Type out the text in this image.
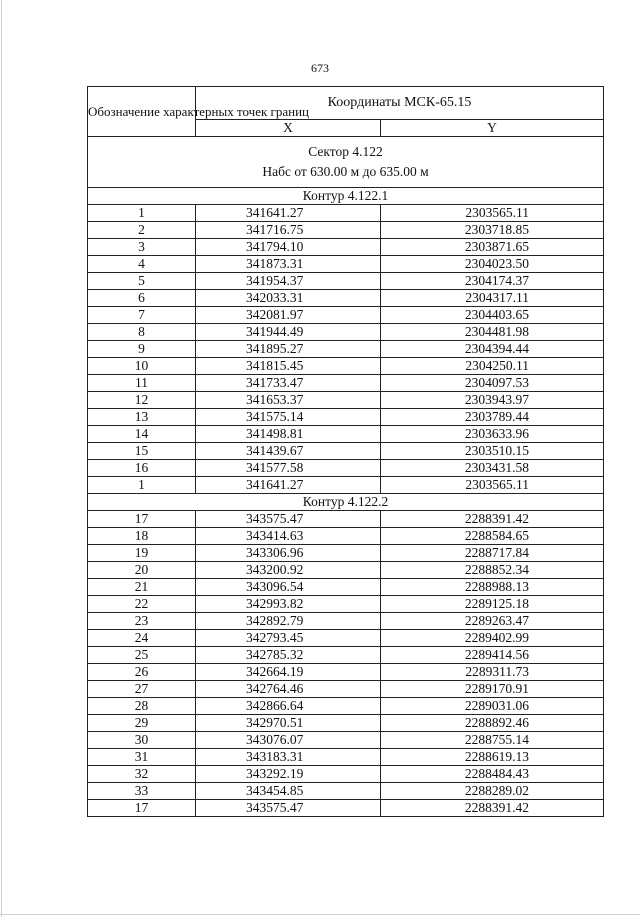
673
Обозначение характерных точек границ	Координаты МСК-65.15	
	X	Y

Сектор 4.122
Набс от 630.00 м до 635.00 м		

Контур 4.122.1		
1	341641.27	2303565.11
2	341716.75	2303718.85
3	341794.10	2303871.65
4	341873.31	2304023.50
5	341954.37	2304174.37
6	342033.31	2304317.11
7	342081.97	2304403.65
8	341944.49	2304481.98
9	341895.27	2304394.44
10	341815.45	2304250.11
11	341733.47	2304097.53
12	341653.37	2303943.97
13	341575.14	2303789.44
14	341498.81	2303633.96
15	341439.67	2303510.15
16	341577.58	2303431.58
1	341641.27	2303565.11
Контур 4.122.2		
17	343575.47	2288391.42
18	343414.63	2288584.65
19	343306.96	2288717.84
20	343200.92	2288852.34
21	343096.54	2288988.13
22	342993.82	2289125.18
23	342892.79	2289263.47
24	342793.45	2289402.99
25	342785.32	2289414.56
26	342664.19	2289311.73
27	342764.46	2289170.91
28	342866.64	2289031.06
29	342970.51	2288892.46
30	343076.07	2288755.14
31	343183.31	2288619.13
32	343292.19	2288484.43
33	343454.85	2288289.02
17	343575.47	2288391.42
